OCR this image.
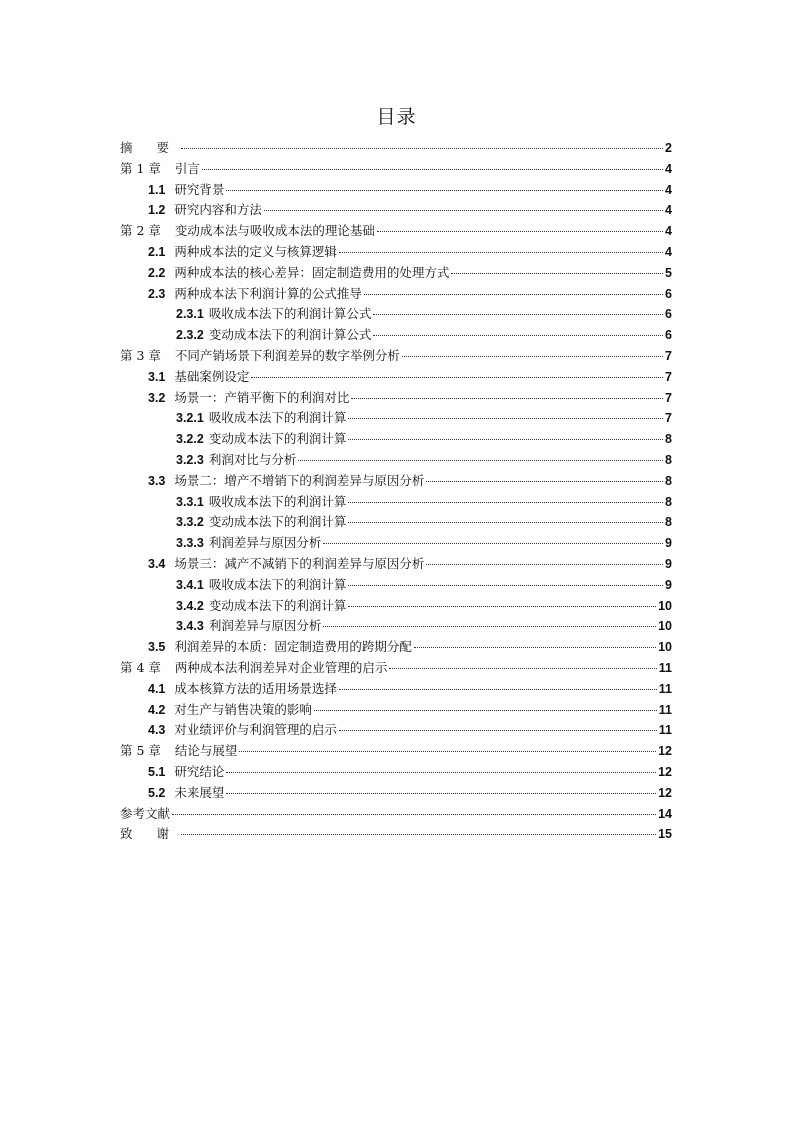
目录
摘 要	2
第 1 章 引言	4
1.1 研究背景	4
1.2 研究内容和方法	4
第 2 章 变动成本法与吸收成本法的理论基础	4
2.1 两种成本法的定义与核算逻辑	4
2.2 两种成本法的核心差异：固定制造费用的处理方式	5
2.3 两种成本法下利润计算的公式推导	6
2.3.1 吸收成本法下的利润计算公式	6
2.3.2 变动成本法下的利润计算公式	6
第 3 章 不同产销场景下利润差异的数字举例分析	7
3.1 基础案例设定	7
3.2 场景一：产销平衡下的利润对比	7
3.2.1 吸收成本法下的利润计算	7
3.2.2 变动成本法下的利润计算	8
3.2.3 利润对比与分析	8
3.3 场景二：增产不增销下的利润差异与原因分析	8
3.3.1 吸收成本法下的利润计算	8
3.3.2 变动成本法下的利润计算	8
3.3.3 利润差异与原因分析	9
3.4 场景三：减产不减销下的利润差异与原因分析	9
3.4.1 吸收成本法下的利润计算	9
3.4.2 变动成本法下的利润计算	10
3.4.3 利润差异与原因分析	10
3.5 利润差异的本质：固定制造费用的跨期分配	10
第 4 章 两种成本法利润差异对企业管理的启示	11
4.1 成本核算方法的适用场景选择	11
4.2 对生产与销售决策的影响	11
4.3 对业绩评价与利润管理的启示	11
第 5 章 结论与展望	12
5.1 研究结论	12
5.2 未来展望	12
参考文献	14
致 谢	15
